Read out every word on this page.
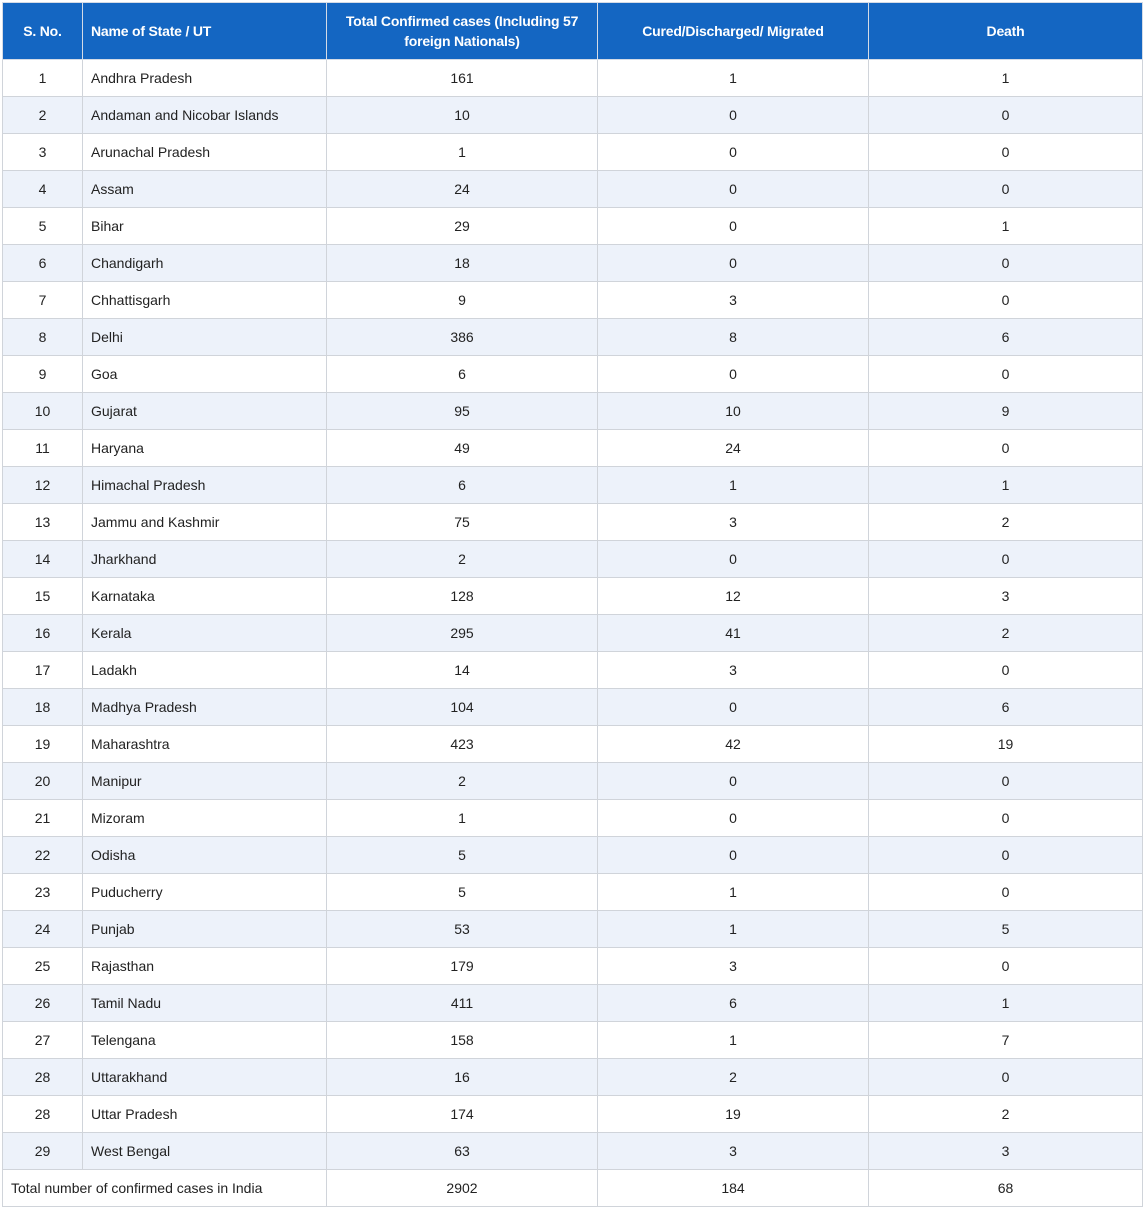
S. No.	Name of State / UT	Total Confirmed cases (Including 57 foreign Nationals)	Cured/Discharged/ Migrated	Death
1	Andhra Pradesh	161	1	1
2	Andaman and Nicobar Islands	10	0	0
3	Arunachal Pradesh	1	0	0
4	Assam	24	0	0
5	Bihar	29	0	1
6	Chandigarh	18	0	0
7	Chhattisgarh	9	3	0
8	Delhi	386	8	6
9	Goa	6	0	0
10	Gujarat	95	10	9
11	Haryana	49	24	0
12	Himachal Pradesh	6	1	1
13	Jammu and Kashmir	75	3	2
14	Jharkhand	2	0	0
15	Karnataka	128	12	3
16	Kerala	295	41	2
17	Ladakh	14	3	0
18	Madhya Pradesh	104	0	6
19	Maharashtra	423	42	19
20	Manipur	2	0	0
21	Mizoram	1	0	0
22	Odisha	5	0	0
23	Puducherry	5	1	0
24	Punjab	53	1	5
25	Rajasthan	179	3	0
26	Tamil Nadu	411	6	1
27	Telengana	158	1	7
28	Uttarakhand	16	2	0
28	Uttar Pradesh	174	19	2
29	West Bengal	63	3	3
Total number of confirmed cases in India		2902	184	68
